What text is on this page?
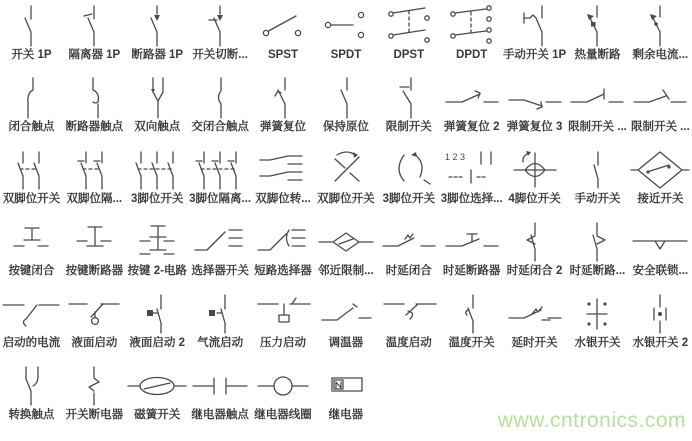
开关 1P 隔离器 1P 断路器 1P 开关切断... SPST	SPDT	DPST	DPDT 手动开关 1P 热量断路 剩余电流...
闭合触点 断路器触点 双向触点 交闭合触点 弹簧复位 保持原位 限制开关 弹簧复位 2 弹簧复位 3 限制开关 ... 限制开关 ...
双脚位开关 双脚位隔... 3脚位开关 3脚位隔离... 双脚位转... 双脚位开关 3脚位开关
1 2 3
3脚位选择... 4脚位开关 手动开关 接近开关
按键闭合 按键断路器 按键 2-电路 选择器开关 短路选择器 邻近限制... 时延闭合 时延断路器 时延闭合 2 时延断路... 安全联锁...
启动的电流 液面启动 液面启动 2 气流启动 压力启动 调温器 温度启动 温度开关 延时开关 水银开关 水银开关 2
转换触点 开关断电器 磁簧开关 继电器触点 继电器线圈 继电器	www.cntronics.com
